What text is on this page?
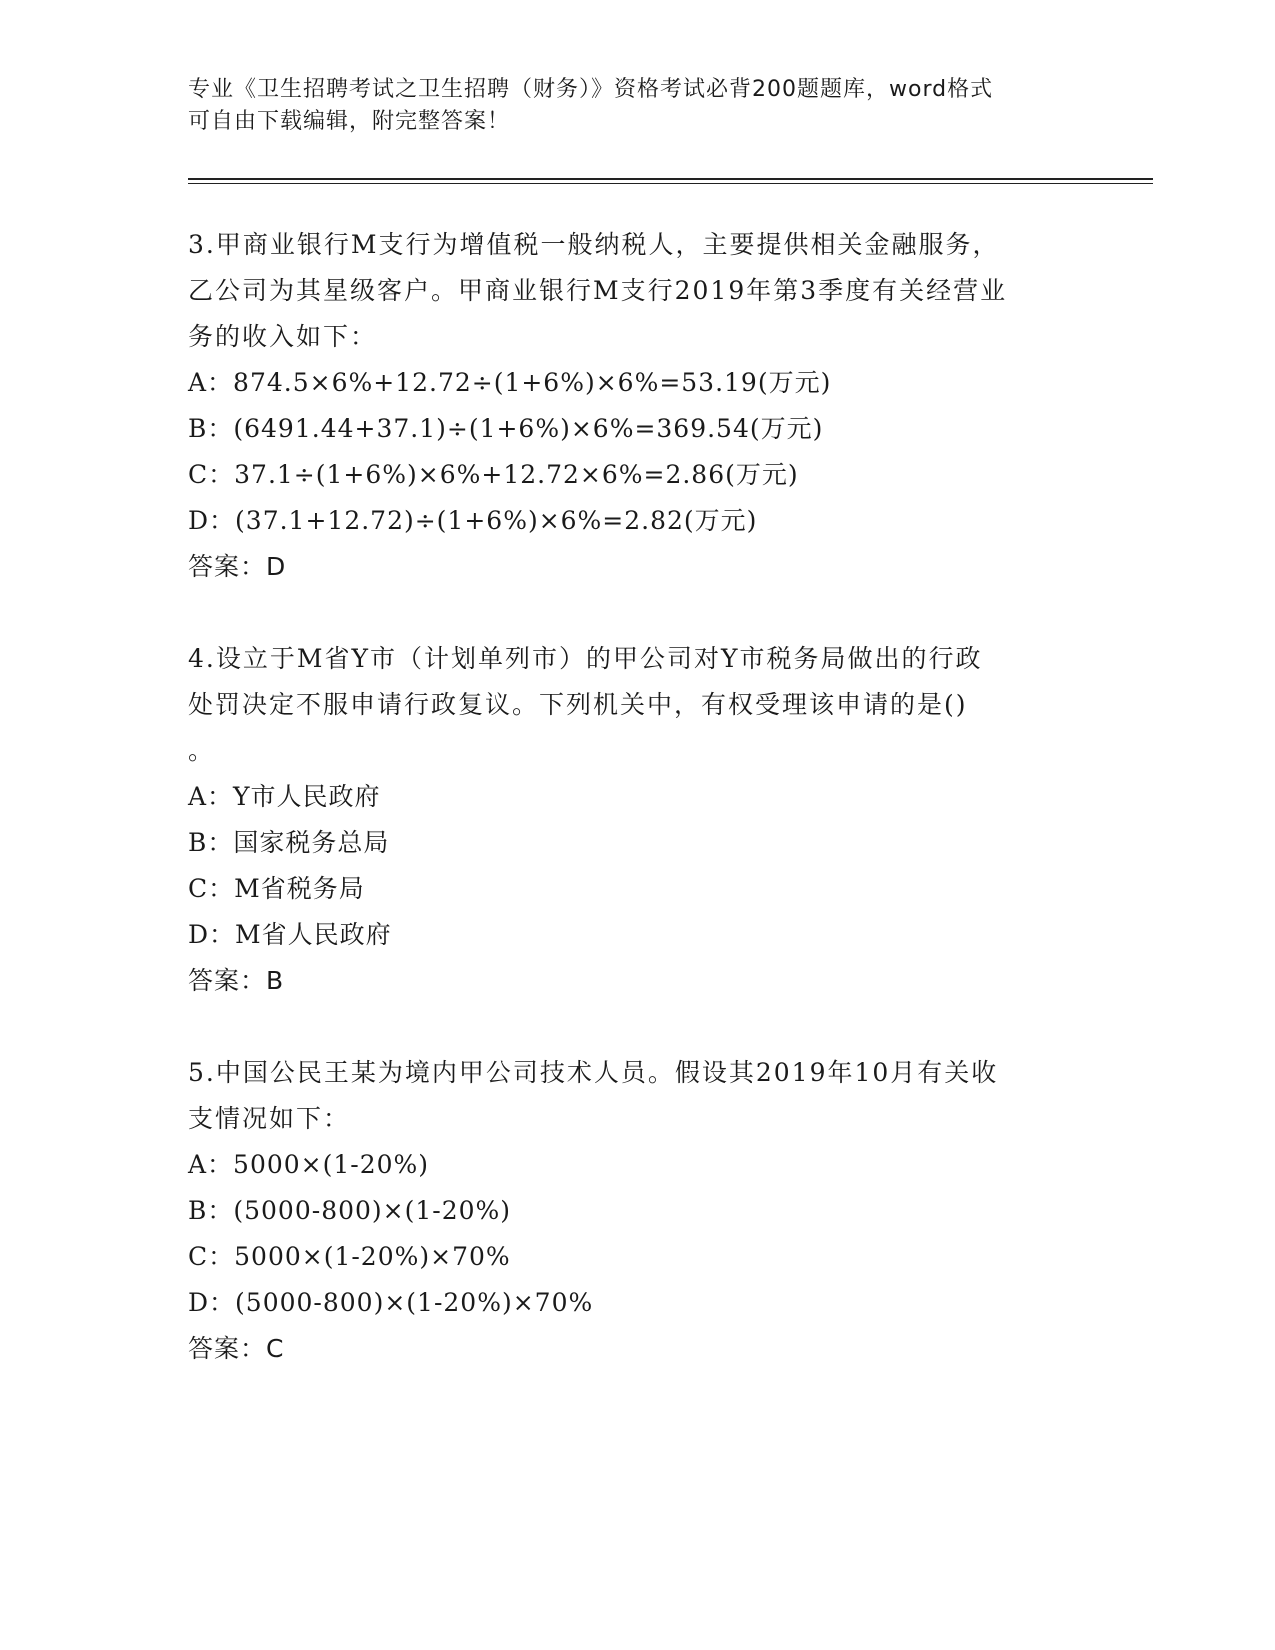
专业《卫生招聘考试之卫生招聘（财务）》资格考试必背200题题库，word格式
可自由下载编辑，附完整答案！
3.甲商业银行M支行为增值税一般纳税人，主要提供相关金融服务，
乙公司为其星级客户。甲商业银行M支行2019年第3季度有关经营业
务的收入如下：
A：874.5×6%+12.72÷(1+6%)×6%=53.19(万元)
B：(6491.44+37.1)÷(1+6%)×6%=369.54(万元)
C：37.1÷(1+6%)×6%+12.72×6%=2.86(万元)
D：(37.1+12.72)÷(1+6%)×6%=2.82(万元)
答案：D
4.设立于M省Y市（计划单列市）的甲公司对Y市税务局做出的行政
处罚决定不服申请行政复议。下列机关中，有权受理该申请的是()
。
A：Y市人民政府
B：国家税务总局
C：M省税务局
D：M省人民政府
答案：B
5.中国公民王某为境内甲公司技术人员。假设其2019年10月有关收
支情况如下：
A：5000×(1-20%)
B：(5000-800)×(1-20%)
C：5000×(1-20%)×70%
D：(5000-800)×(1-20%)×70%
答案：C
